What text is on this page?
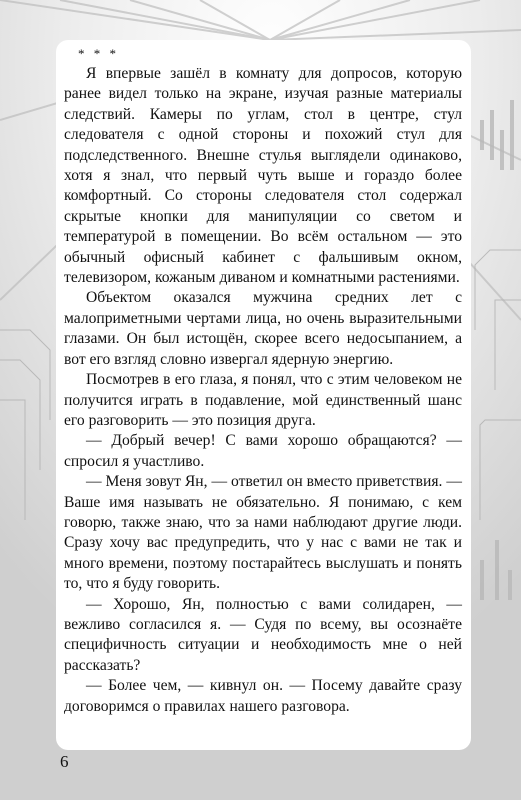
* * *

Я впервые зашёл в комнату для допросов, которую ранее видел только на экране, изучая разные материалы следствий. Камеры по углам, стол в центре, стул следователя с одной стороны и похожий стул для подследственного. Внешне стулья выглядели одинаково, хотя я знал, что первый чуть выше и гораздо более комфортный. Со стороны следователя стол содержал скрытые кнопки для манипуляции со светом и температурой в помещении. Во всём остальном — это обычный офисный кабинет с фальшивым окном, телевизором, кожаным диваном и комнатными растениями.

Объектом оказался мужчина средних лет с малоприметными чертами лица, но очень выразительными глазами. Он был истощён, скорее всего недосыпанием, а вот его взгляд словно извергал ядерную энергию.

Посмотрев в его глаза, я понял, что с этим человеком не получится играть в подавление, мой единственный шанс его разговорить — это позиция друга.

— Добрый вечер! С вами хорошо обращаются? — спросил я участливо.

— Меня зовут Ян, — ответил он вместо приветствия. — Ваше имя называть не обязательно. Я понимаю, с кем говорю, также знаю, что за нами наблюдают другие люди. Сразу хочу вас предупредить, что у нас с вами не так и много времени, поэтому постарайтесь выслушать и понять то, что я буду говорить.

— Хорошо, Ян, полностью с вами солидарен, — вежливо согласился я. — Судя по всему, вы осознаёте специфичность ситуации и необходимость мне о ней рассказать?

— Более чем, — кивнул он. — Посему давайте сразу договоримся о правилах нашего разговора.

6
